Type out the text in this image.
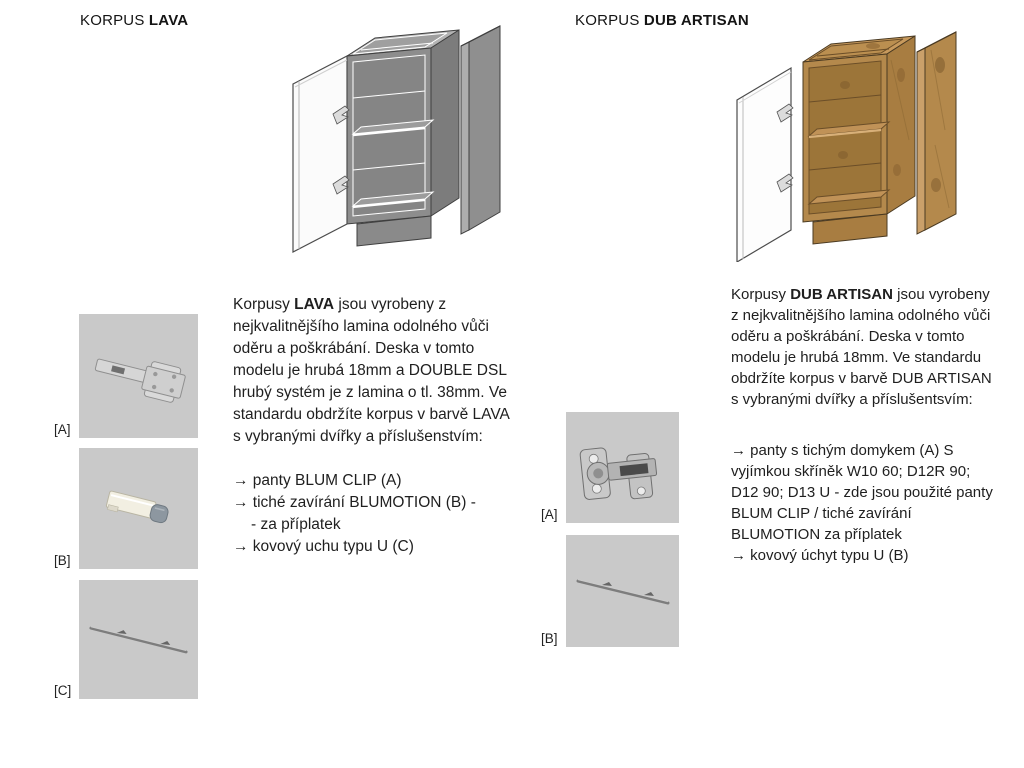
KORPUS LAVA
[A]
[B]
[C]
Korpusy LAVA jsou vyrobeny z nejkvalitnějšího lamina odolného vůči oděru a poškrábání. Deska v tomto modelu je hrubá 18mm a DOUBLE DSL hrubý systém je z lamina o tl. 38mm. Ve standardu obdržíte korpus v barvě LAVA s vybranými dvířky a příslušenstvím:
→ panty BLUM CLIP (A)
→ tiché zavírání BLUMOTION (B) -
- za příplatek
→ kovový uchu typu U (C)
KORPUS DUB ARTISAN
[A]
[B]
Korpusy DUB ARTISAN jsou vyrobeny z nejkvalitnějšího lamina odolného vůči oděru a poškrábání. Deska v tomto modelu je hrubá 18mm. Ve standardu obdržíte korpus v barvě DUB ARTISAN s vybranými dvířky a příslušentsvím:
→ panty s tichým domykem (A) S vyjímkou skříněk W10 60; D12R 90; D12 90; D13 U - zde jsou použité panty BLUM CLIP / tiché zavírání BLUMOTION za příplatek
→ kovový úchyt typu U (B)
